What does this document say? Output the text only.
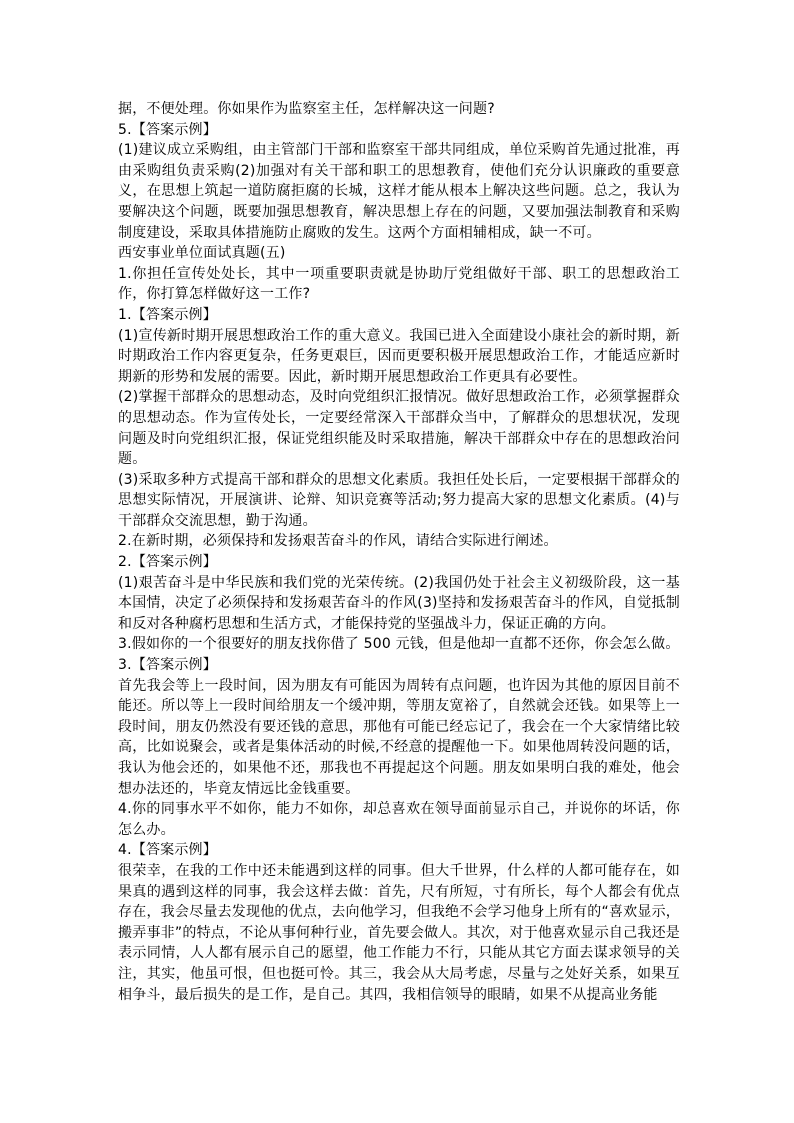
据，不便处理。你如果作为监察室主任，怎样解决这一问题?

5.【答案示例】

(1)建议成立采购组，由主管部门干部和监察室干部共同组成，单位采购首先通过批准，再由采购组负责采购(2)加强对有关干部和职工的思想教育，使他们充分认识廉政的重要意义，在思想上筑起一道防腐拒腐的长城，这样才能从根本上解决这些问题。总之，我认为要解决这个问题，既要加强思想教育，解决思想上存在的问题，又要加强法制教育和采购制度建设，采取具体措施防止腐败的发生。这两个方面相辅相成，缺一不可。

西安事业单位面试真题(五)

1.你担任宣传处处长，其中一项重要职责就是协助厅党组做好干部、职工的思想政治工作，你打算怎样做好这一工作?

1.【答案示例】

(1)宣传新时期开展思想政治工作的重大意义。我国已进入全面建设小康社会的新时期，新时期政治工作内容更复杂，任务更艰巨，因而更要积极开展思想政治工作，才能适应新时期新的形势和发展的需要。因此，新时期开展思想政治工作更具有必要性。

(2)掌握干部群众的思想动态，及时向党组织汇报情况。做好思想政治工作，必须掌握群众的思想动态。作为宣传处长，一定要经常深入干部群众当中，了解群众的思想状况，发现问题及时向党组织汇报，保证党组织能及时采取措施，解决干部群众中存在的思想政治问题。

(3)采取多种方式提高干部和群众的思想文化素质。我担任处长后，一定要根据干部群众的思想实际情况，开展演讲、论辩、知识竞赛等活动;努力提高大家的思想文化素质。(4)与干部群众交流思想，勤于沟通。

2.在新时期，必须保持和发扬艰苦奋斗的作风，请结合实际进行阐述。

2.【答案示例】

(1)艰苦奋斗是中华民族和我们党的光荣传统。(2)我国仍处于社会主义初级阶段，这一基本国情，决定了必须保持和发扬艰苦奋斗的作风(3)坚持和发扬艰苦奋斗的作风，自觉抵制和反对各种腐朽思想和生活方式，才能保持党的坚强战斗力，保证正确的方向。

3.假如你的一个很要好的朋友找你借了 500 元钱，但是他却一直都不还你，你会怎么做。

3.【答案示例】

首先我会等上一段时间，因为朋友有可能因为周转有点问题，也许因为其他的原因目前不能还。所以等上一段时间给朋友一个缓冲期，等朋友宽裕了，自然就会还钱。如果等上一段时间，朋友仍然没有要还钱的意思，那他有可能已经忘记了，我会在一个大家情绪比较高，比如说聚会，或者是集体活动的时候,不经意的提醒他一下。如果他周转没问题的话，我认为他会还的，如果他不还，那我也不再提起这个问题。朋友如果明白我的难处，他会想办法还的，毕竟友情远比金钱重要。

4.你的同事水平不如你，能力不如你，却总喜欢在领导面前显示自己，并说你的坏话，你怎么办。

4.【答案示例】

很荣幸，在我的工作中还未能遇到这样的同事。但大千世界，什么样的人都可能存在，如果真的遇到这样的同事，我会这样去做：首先，尺有所短，寸有所长，每个人都会有优点存在，我会尽量去发现他的优点，去向他学习，但我绝不会学习他身上所有的“喜欢显示，搬弄事非”的特点，不论从事何种行业，首先要会做人。其次，对于他喜欢显示自己我还是表示同情，人人都有展示自己的愿望，他工作能力不行，只能从其它方面去谋求领导的关注，其实，他虽可恨，但也挺可怜。其三，我会从大局考虑，尽量与之处好关系，如果互相争斗，最后损失的是工作，是自己。其四，我相信领导的眼睛，如果不从提高业务能
